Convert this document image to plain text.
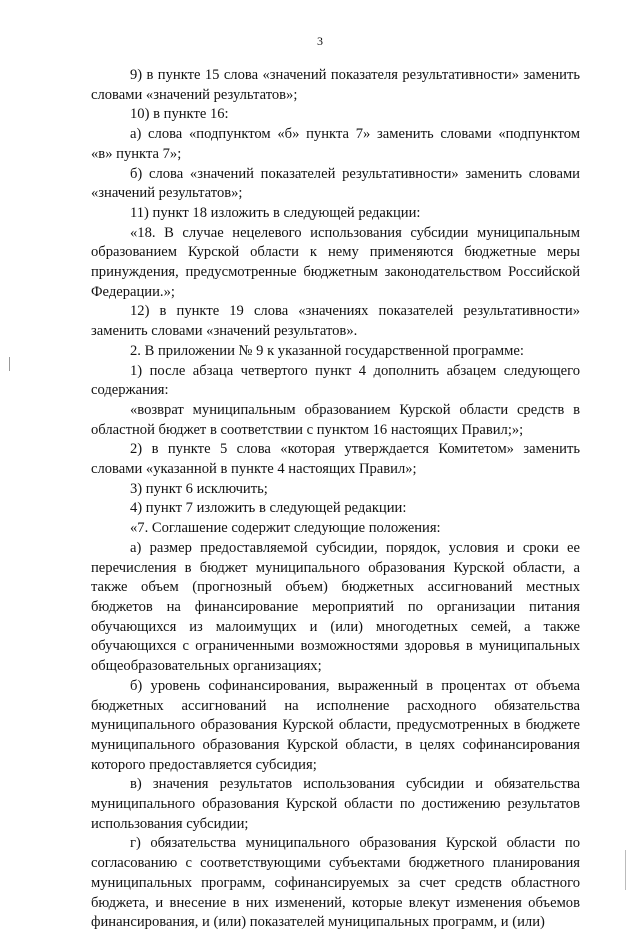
3

9) в пункте 15 слова «значений показателя результативности» заменить словами «значений результатов»;

10) в пункте 16:

а) слова «подпунктом «б» пункта 7» заменить словами «подпунктом «в» пункта 7»;

б) слова «значений показателей результативности» заменить словами «значений результатов»;

11) пункт 18 изложить в следующей редакции:

«18. В случае нецелевого использования субсидии муниципальным образованием Курской области к нему применяются бюджетные меры принуждения, предусмотренные бюджетным законодательством Российской Федерации.»;

12) в пункте 19 слова «значениях показателей результативности» заменить словами «значений результатов».

2. В приложении № 9 к указанной государственной программе:

1) после абзаца четвертого пункт 4 дополнить абзацем следующего содержания:

«возврат муниципальным образованием Курской области средств в областной бюджет в соответствии с пунктом 16 настоящих Правил;»;

2) в пункте 5 слова «которая утверждается Комитетом» заменить словами «указанной в пункте 4 настоящих Правил»;

3) пункт 6 исключить;

4) пункт 7 изложить в следующей редакции:

«7. Соглашение содержит следующие положения:

а) размер предоставляемой субсидии, порядок, условия и сроки ее перечисления в бюджет муниципального образования Курской области, а также объем (прогнозный объем) бюджетных ассигнований местных бюджетов на финансирование мероприятий по организации питания обучающихся из малоимущих и (или) многодетных семей, а также обучающихся с ограниченными возможностями здоровья в муниципальных общеобразовательных организациях;

б) уровень софинансирования, выраженный в процентах от объема бюджетных ассигнований на исполнение расходного обязательства муниципального образования Курской области, предусмотренных в бюджете муниципального образования Курской области, в целях софинансирования которого предоставляется субсидия;

в) значения результатов использования субсидии и обязательства муниципального образования Курской области по достижению результатов использования субсидии;

г) обязательства муниципального образования Курской области по согласованию с соответствующими субъектами бюджетного планирования муниципальных программ, софинансируемых за счет средств областного бюджета, и внесение в них изменений, которые влекут изменения объемов финансирования, и (или) показателей муниципальных программ, и (или)
